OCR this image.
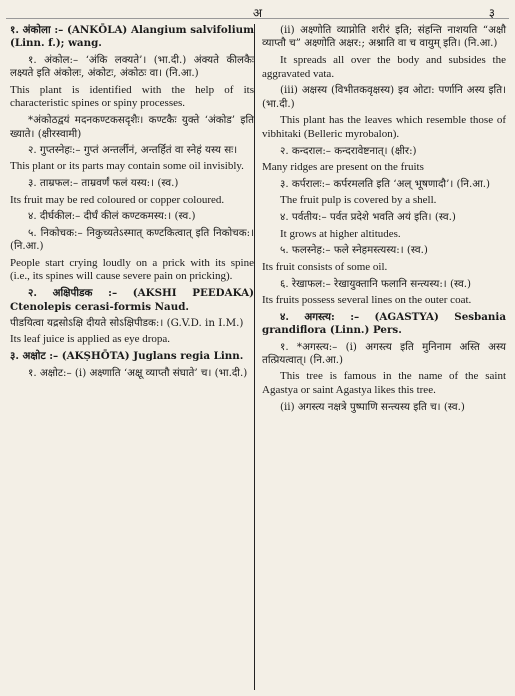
अ	३

१. अंकोला :– (ANKŌLA) Alangium salvifolium (Linn. f.); wang.

१. अंकोल:– ‘अंकि लक्यते’। (भा.दी.) अंक्यते कीलकैः लक्ष्यते इति अंकोलः, अंकोटः, अंकोठः वा। (नि.आ.)

This plant is identified with the help of its characteristic spines or spiny processes.

*अंकोठद्वयं मदनकण्टकसदृशैः। कण्टकैः युक्ते ‘अंकोड’ इति ख्याते। (क्षीरस्वामी)

२. गुप्तस्नेहः:– गुप्तं अन्तर्लीनं, अन्तर्हितं वा स्नेहं यस्य सः।

This plant or its parts may contain some oil invisibly.

३. ताम्रफल:– ताम्रवर्णं फलं यस्य:। (स्व.)

Its fruit may be red coloured or copper coloured.

४. दीर्घकील:– दीर्घं कीलं कण्टकमस्य:। (स्व.)

५. निकोचक:– निकुच्यतेऽस्मात् कण्टकित्वात् इति निकोचक:। (नि.आ.)

People start crying loudly on a prick with its spine (i.e., its spines will cause severe pain on pricking).

२. अक्षिपीडक :– (AKSHI PEEDAKA) Ctenolepis cerasi-formis Naud.

पीडयित्वा यद्रसोऽक्षि दीयते सोऽक्षिपीडक:। (G.V.D. in I.M.)

Its leaf juice is applied as eye dropa.

३. अक्षोट :– (AKṢHŌTA) Juglans regia Linn.

१. अक्षोट:– (i) अक्ष्णाति ‘अक्षू व्याप्तौ संघाते’ च। (भा.दी.)

(ii) अक्ष्णोति व्याप्नोति शरीरं इति; संहन्ति नाशयति “अक्षौ व्याप्तौ च” अक्ष्णोति अक्षर:; अश्नाति वा च वायुम् इति। (नि.आ.)

It spreads all over the body and subsides the aggravated vata.

(iii) अक्षस्य (विभीतकवृक्षस्य) इव ओटा: पर्णानि अस्य इति। (भा.दी.)

This plant has the leaves which resemble those of vibhitaki (Belleric myrobalon).

२. कन्दराल:– कन्दरावेष्टनात्। (क्षीर:)

Many ridges are present on the fruits

३. कर्परालः:– कर्परमलति इति ‘अल् भूषणादौ’। (नि.आ.)

The fruit pulp is covered by a shell.

४. पर्वतीय:– पर्वत प्रदेशे भवति अयं इति। (स्व.)

It grows at higher altitudes.

५. फलस्नेह:– फले स्नेहमस्त्यस्य:। (स्व.)

Its fruit consists of some oil.

६. रेखाफल:– रेखायुक्तानि फलानि सन्त्यस्य:। (स्व.)

Its fruits possess several lines on the outer coat.

४. अगस्त्य: :– (AGASTYA) Sesbania grandiflora (Linn.) Pers.

१. *अगस्त्य:– (i) अगस्त्य इति मुनिनाम अस्ति अस्य तत्प्रियत्वात्। (नि.आ.)

This tree is famous in the name of the saint Agastya or saint Agastya likes this tree.

(ii) अगस्त्य नक्षत्रे पुष्पाणि सन्त्यस्य इति च। (स्व.)
